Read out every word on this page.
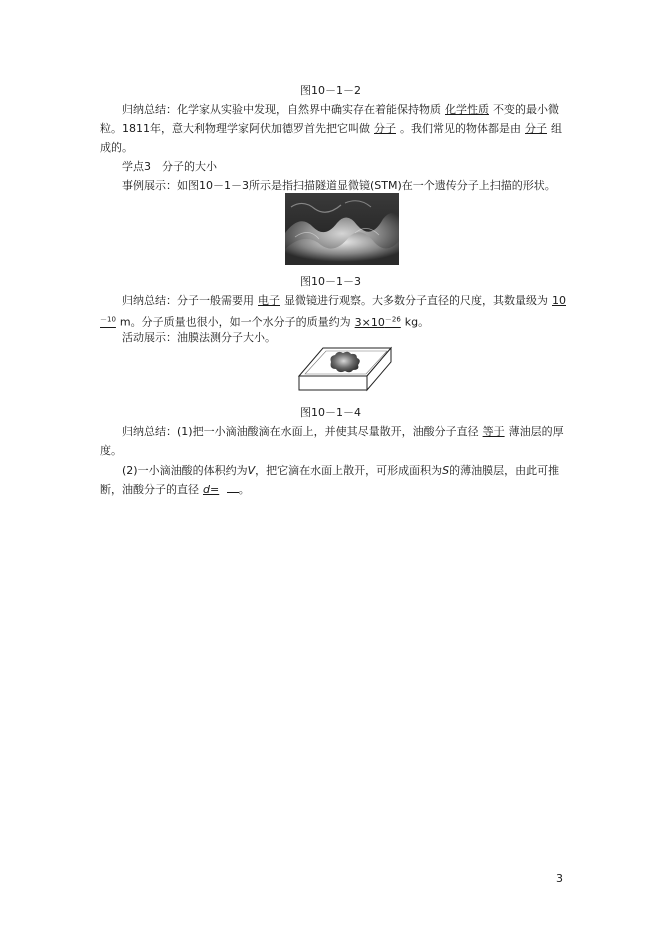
图10－1－2
归纳总结：化学家从实验中发现，自然界中确实存在着能保持物质 化学性质 不变的最小微粒。1811年，意大利物理学家阿伏加德罗首先把它叫做 分子 。我们常见的物体都是由 分子 组成的。
学点3　分子的大小
事例展示：如图10－1－3所示是指扫描隧道显微镜(STM)在一个遗传分子上扫描的形状。
图10－1－3
归纳总结：分子一般需要用 电子 显微镜进行观察。大多数分子直径的尺度，其数量级为 $10^{-10}$ m。分子质量也很小，如一个水分子的质量约为 $3\times 10^{-26}$ kg。
活动展示：油膜法测分子大小。
图10－1－4
归纳总结：(1)把一小滴油酸滴在水面上，并使其尽量散开，油酸分子直径 等于 薄油层的厚度。
(2)一小滴油酸的体积约为V，把它滴在水面上散开，可形成面积为S的薄油膜层，由此可推断，油酸分子的直径 d= 。
3
